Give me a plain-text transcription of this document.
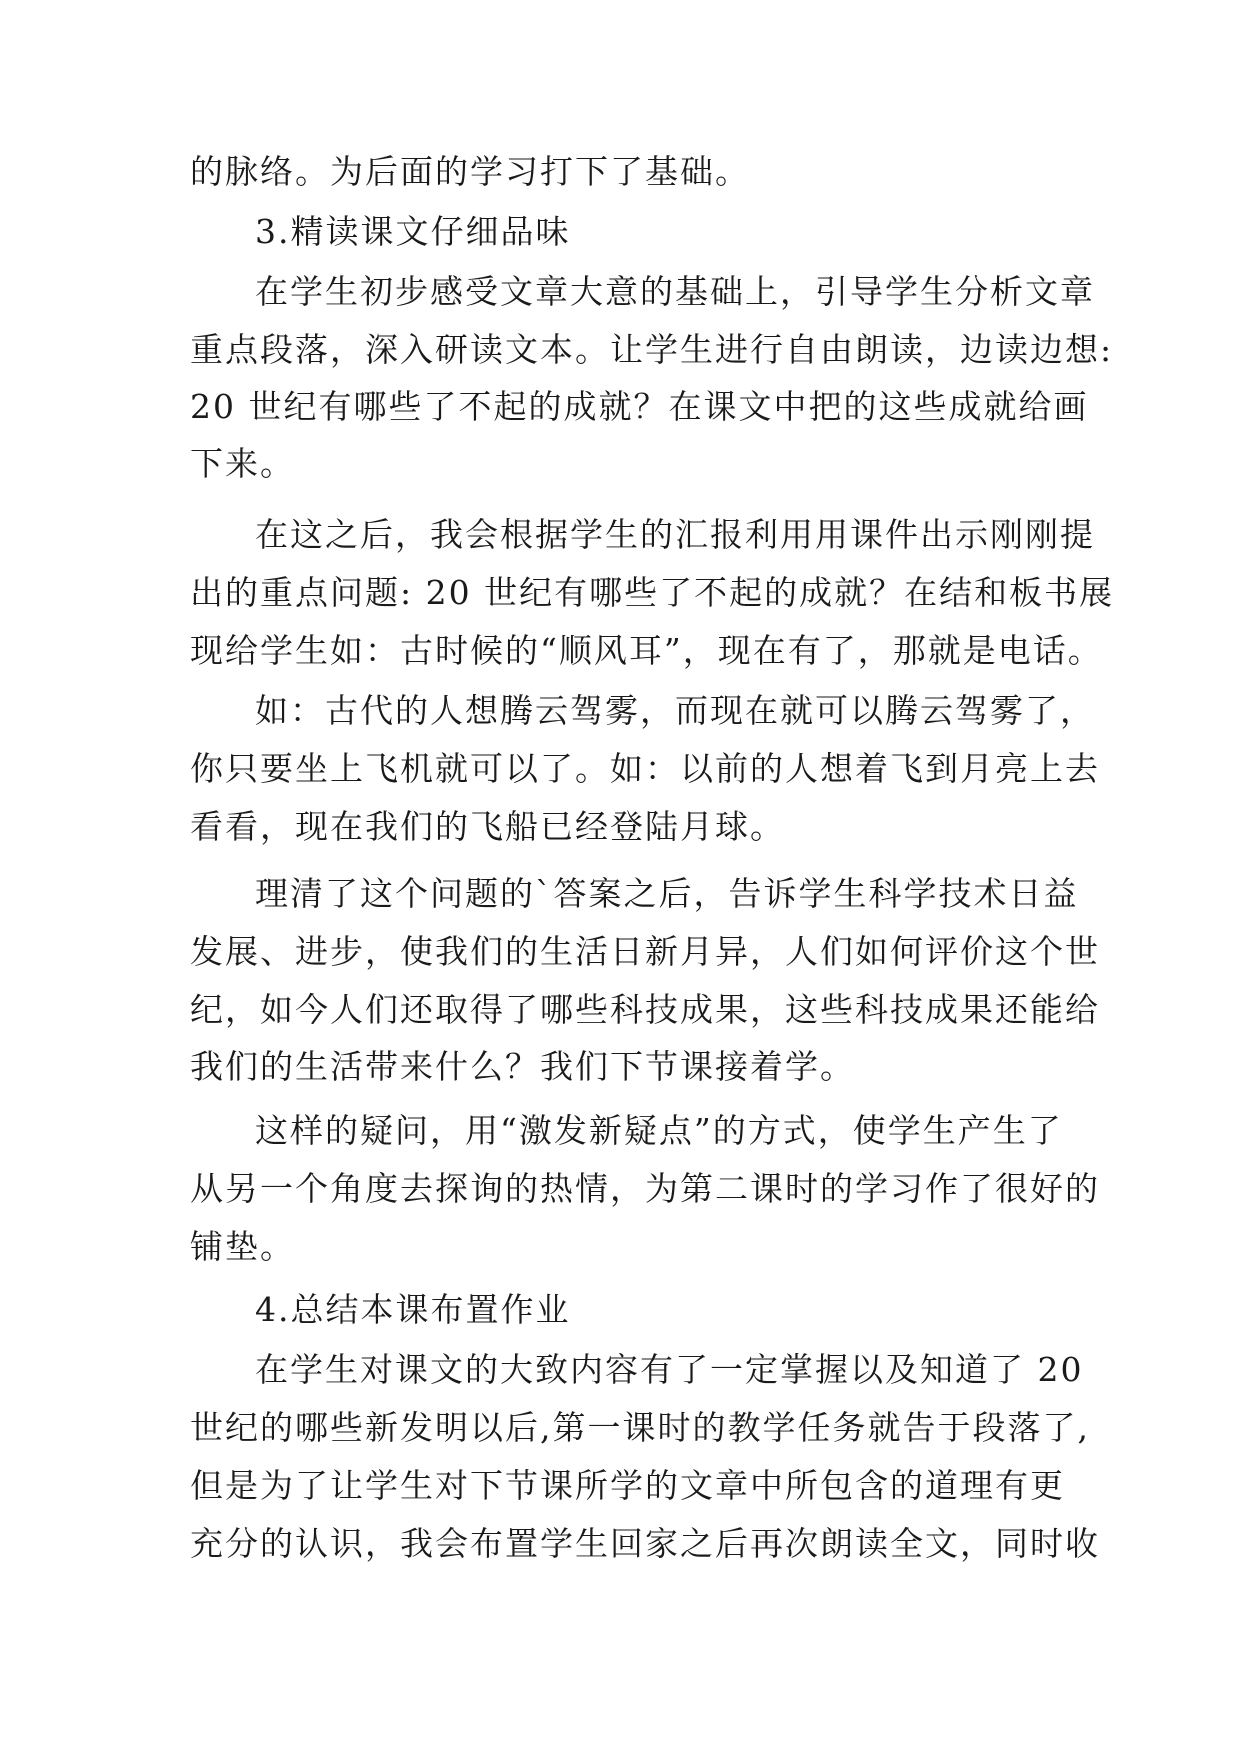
的脉络。为后面的学习打下了基础。

3.精读课文仔细品味

在学生初步感受文章大意的基础上，引导学生分析文章

重点段落，深入研读文本。让学生进行自由朗读，边读边想:

20 世纪有哪些了不起的成就？在课文中把的这些成就给画

下来。

在这之后，我会根据学生的汇报利用用课件出示刚刚提

出的重点问题: 20 世纪有哪些了不起的成就？在结和板书展

现给学生如：古时候的“顺风耳”，现在有了，那就是电话。

如：古代的人想腾云驾雾，而现在就可以腾云驾雾了，

你只要坐上飞机就可以了。如：以前的人想着飞到月亮上去

看看，现在我们的飞船已经登陆月球。

理清了这个问题的`答案之后，告诉学生科学技术日益

发展、进步，使我们的生活日新月异，人们如何评价这个世

纪，如今人们还取得了哪些科技成果，这些科技成果还能给

我们的生活带来什么？我们下节课接着学。

这样的疑问，用“激发新疑点”的方式，使学生产生了

从另一个角度去探询的热情，为第二课时的学习作了很好的

铺垫。

4.总结本课布置作业

在学生对课文的大致内容有了一定掌握以及知道了 20

世纪的哪些新发明以后,第一课时的教学任务就告于段落了,

但是为了让学生对下节课所学的文章中所包含的道理有更

充分的认识，我会布置学生回家之后再次朗读全文，同时收
